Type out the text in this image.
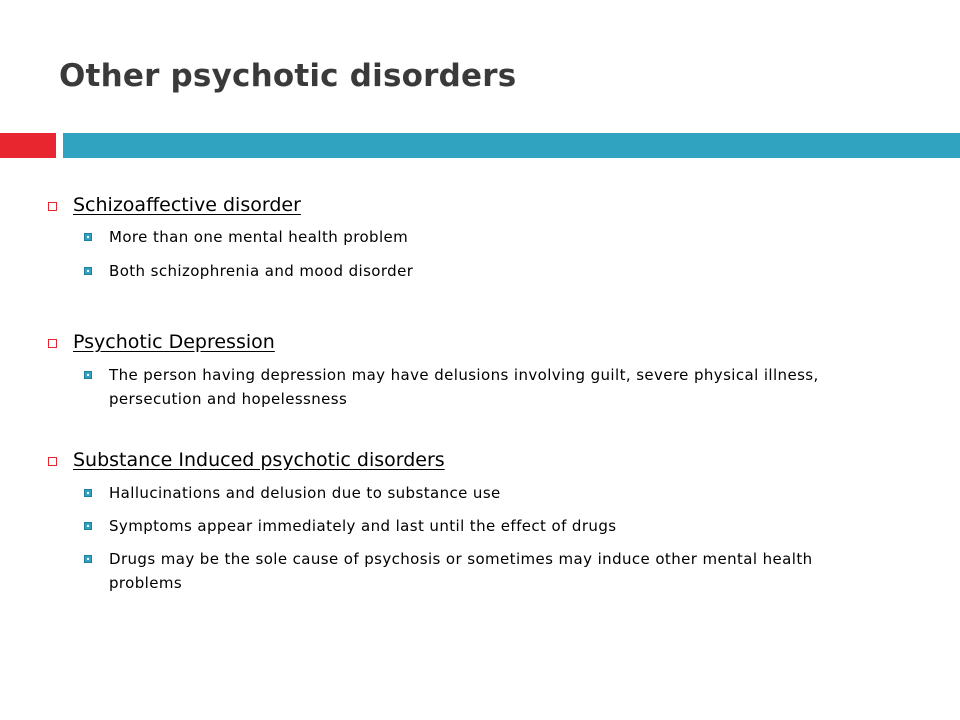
Other psychotic disorders
Schizoaffective disorder
More than one mental health problem
Both schizophrenia and mood disorder
Psychotic Depression
The person having depression may have delusions involving guilt, severe physical illness, persecution and hopelessness
Substance Induced psychotic disorders
Hallucinations and delusion due to substance use
Symptoms appear immediately and last until the effect of drugs
Drugs may be the sole cause of psychosis or sometimes may induce other mental health problems
